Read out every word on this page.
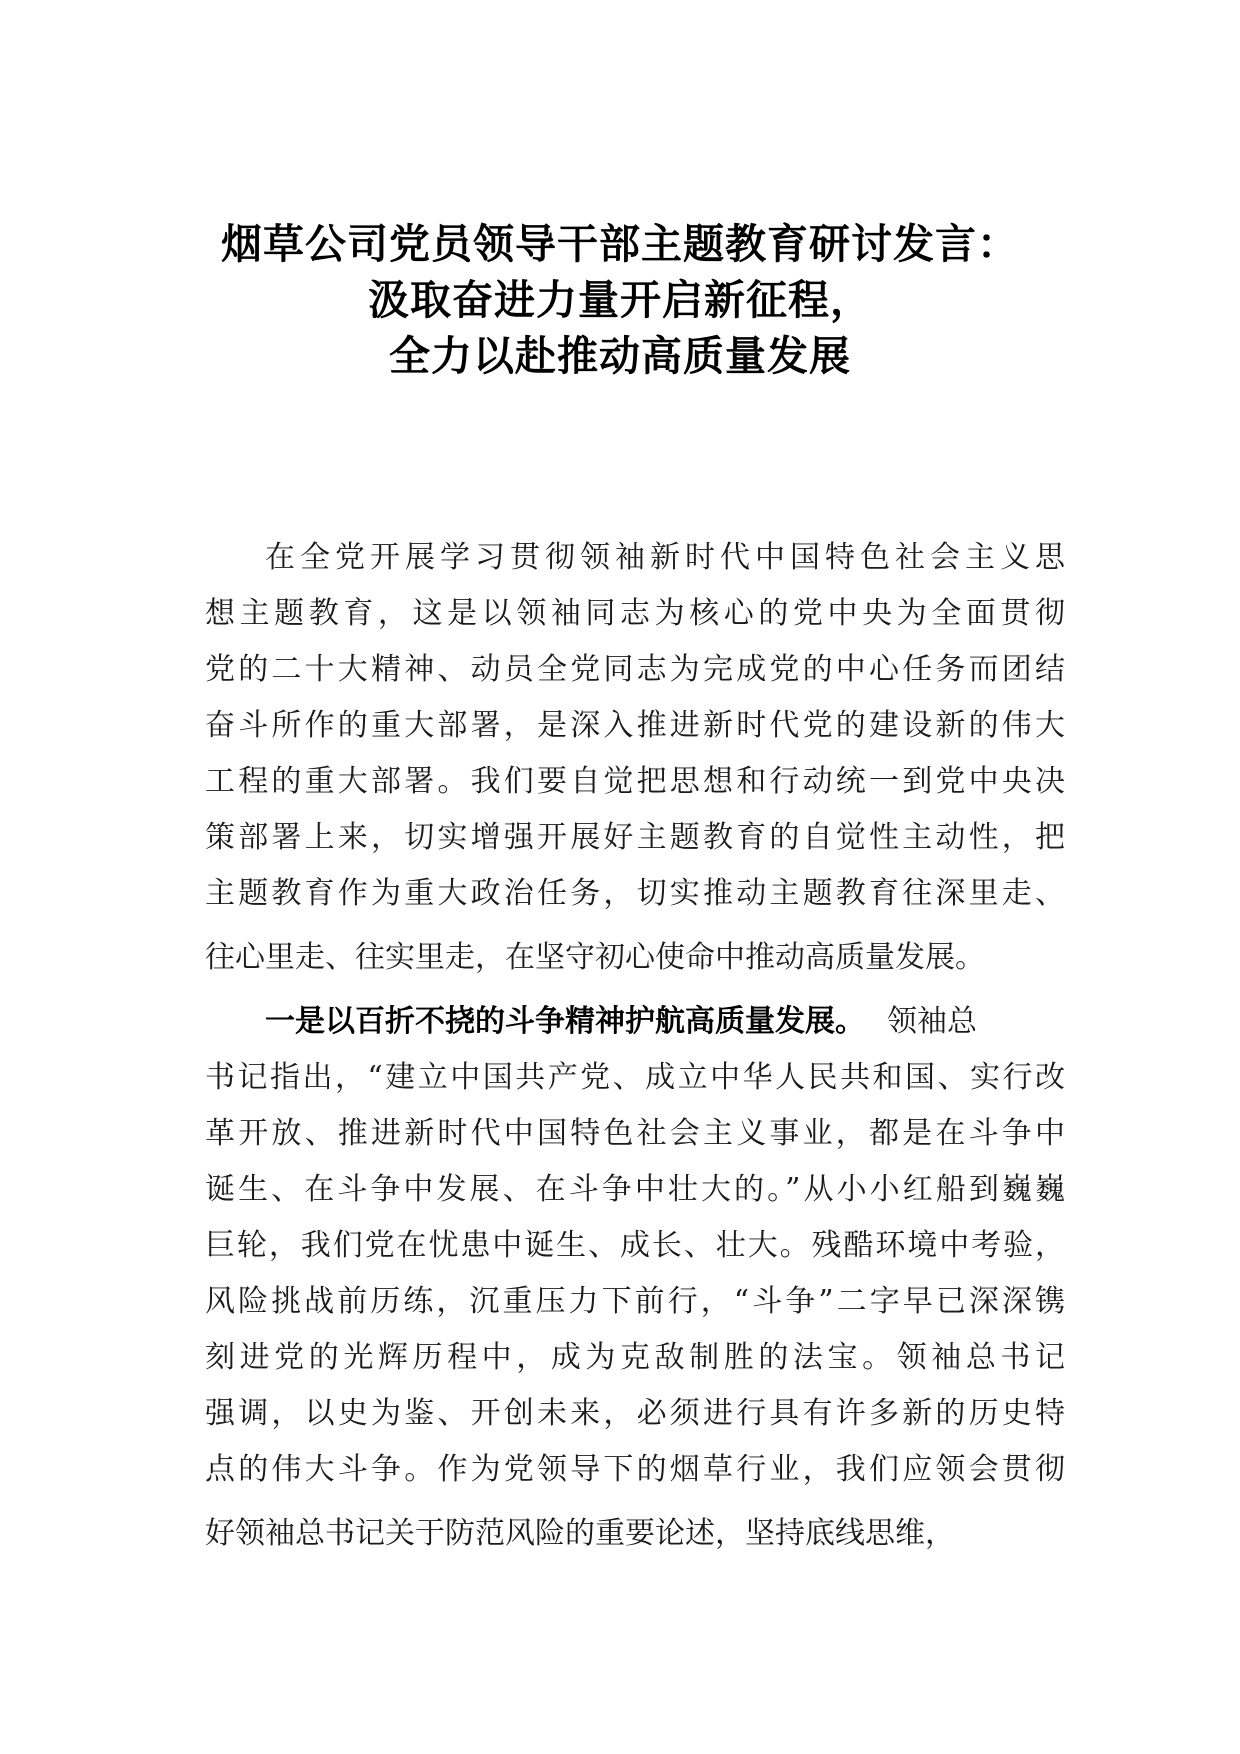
烟草公司党员领导干部主题教育研讨发言：
汲取奋进力量开启新征程，
全力以赴推动高质量发展
在全党开展学习贯彻领袖新时代中国特色社会主义思
想主题教育，这是以领袖同志为核心的党中央为全面贯彻
党的二十大精神、动员全党同志为完成党的中心任务而团结
奋斗所作的重大部署，是深入推进新时代党的建设新的伟大
工程的重大部署。我们要自觉把思想和行动统一到党中央决
策部署上来，切实增强开展好主题教育的自觉性主动性，把
主题教育作为重大政治任务，切实推动主题教育往深里走、
往心里走、往实里走，在坚守初心使命中推动高质量发展。
一是以百折不挠的斗争精神护航高质量发展。 领袖总
书记指出，“建立中国共产党、成立中华人民共和国、实行改
革开放、推进新时代中国特色社会主义事业，都是在斗争中
诞生、在斗争中发展、在斗争中壮大的。”从小小红船到巍巍
巨轮，我们党在忧患中诞生、成长、壮大。残酷环境中考验，
风险挑战前历练，沉重压力下前行，“斗争”二字早已深深镌
刻进党的光辉历程中，成为克敌制胜的法宝。领袖总书记
强调，以史为鉴、开创未来，必须进行具有许多新的历史特
点的伟大斗争。作为党领导下的烟草行业，我们应领会贯彻
好领袖总书记关于防范风险的重要论述，坚持底线思维，
